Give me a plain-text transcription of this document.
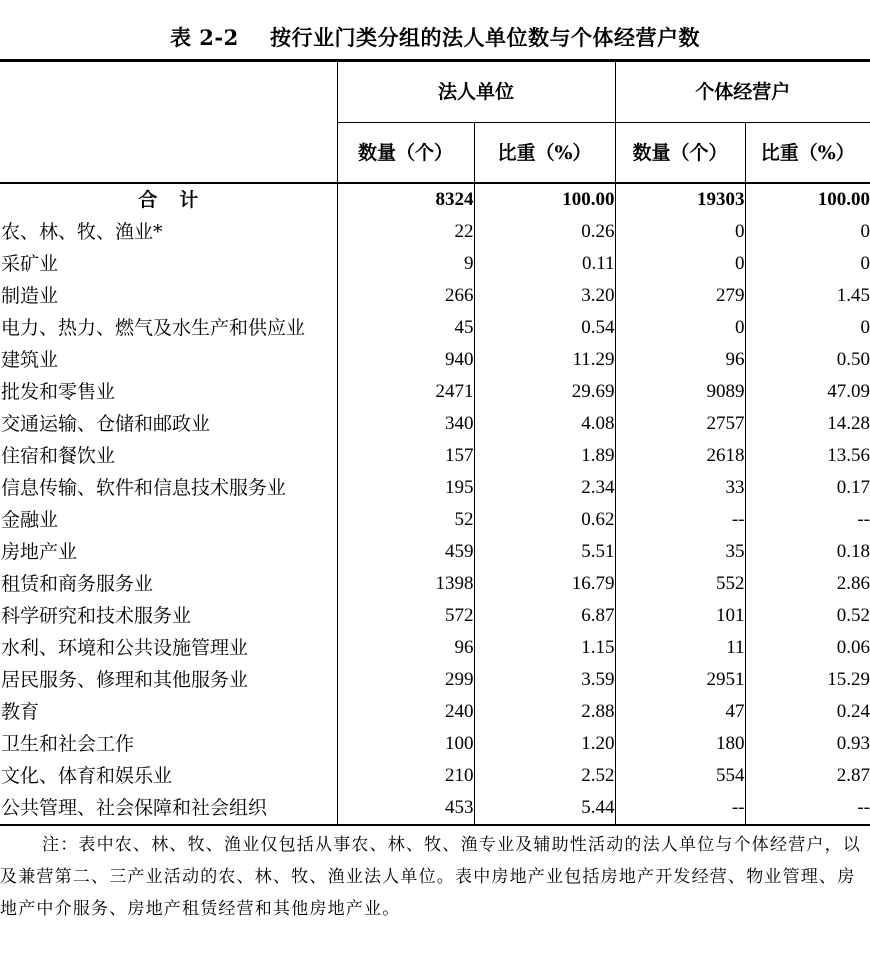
表 2-2    按行业门类分组的法人单位数与个体经营户数
	法人单位		个体经营户	
	数量（个）	比重（%）	数量（个）	比重（%）
合计	8324	100.00	19303	100.00
农、林、牧、渔业*	22	0.26	0	0
采矿业	9	0.11	0	0
制造业	266	3.20	279	1.45
电力、热力、燃气及水生产和供应业	45	0.54	0	0
建筑业	940	11.29	96	0.50
批发和零售业	2471	29.69	9089	47.09
交通运输、仓储和邮政业	340	4.08	2757	14.28
住宿和餐饮业	157	1.89	2618	13.56
信息传输、软件和信息技术服务业	195	2.34	33	0.17
金融业	52	0.62	--	--
房地产业	459	5.51	35	0.18
租赁和商务服务业	1398	16.79	552	2.86
科学研究和技术服务业	572	6.87	101	0.52
水利、环境和公共设施管理业	96	1.15	11	0.06
居民服务、修理和其他服务业	299	3.59	2951	15.29
教育	240	2.88	47	0.24
卫生和社会工作	100	1.20	180	0.93
文化、体育和娱乐业	210	2.52	554	2.87
公共管理、社会保障和社会组织	453	5.44	--	--
注：表中农、林、牧、渔业仅包括从事农、林、牧、渔专业及辅助性活动的法人单位与个体经营户，以及兼营第二、三产业活动的农、林、牧、渔业法人单位。表中房地产业包括房地产开发经营、物业管理、房地产中介服务、房地产租赁经营和其他房地产业。
